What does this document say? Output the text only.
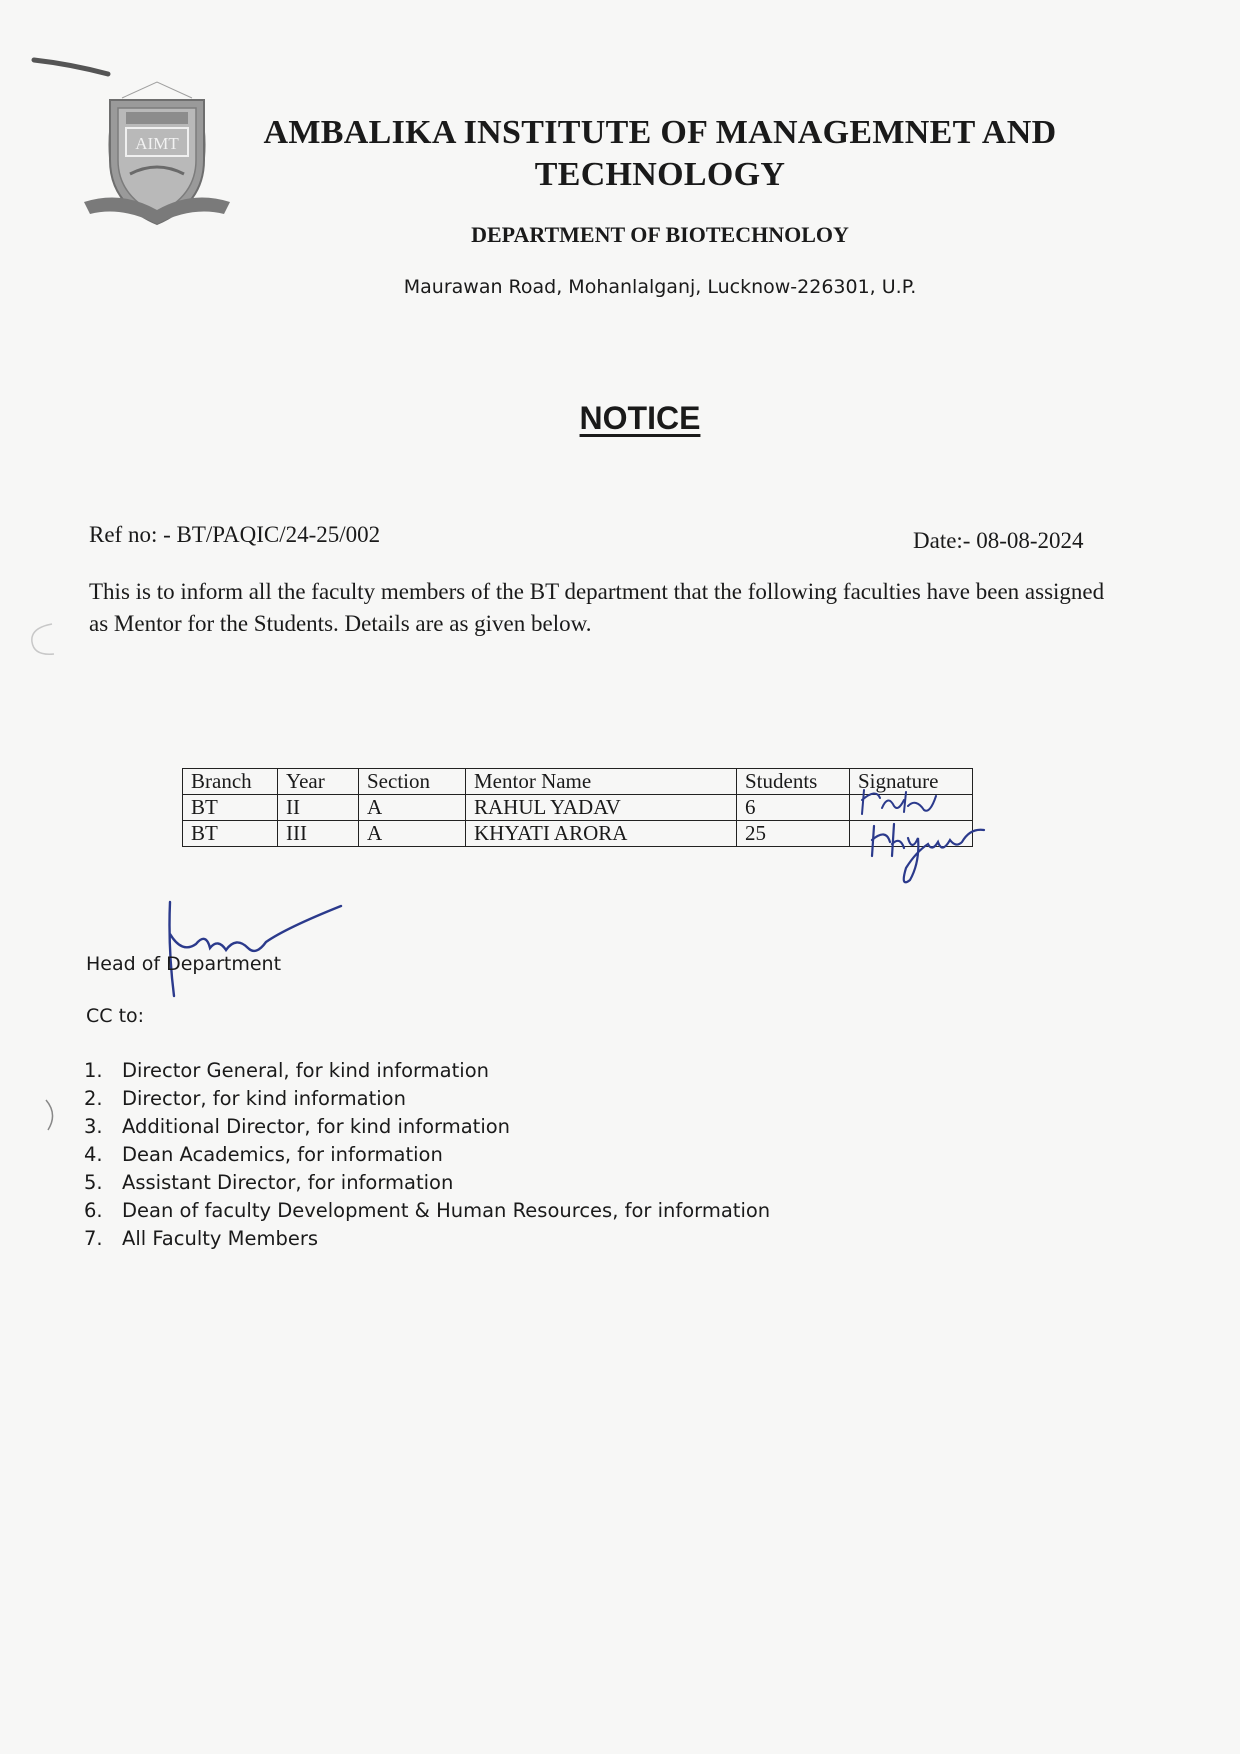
AIMT	AMBALIKA INSTITUTE OF MANAGEMNET AND TECHNOLOGY
DEPARTMENT OF BIOTECHNOLOY
Maurawan Road, Mohanlalganj, Lucknow-226301, U.P.
NOTICE
Ref no: - BT/PAQIC/24-25/002	Date:- 08-08-2024
This is to inform all the faculty members of the BT department that the following faculties have been assigned as Mentor for the Students. Details are as given below.
Branch	Year	Section	Mentor Name	Students	Signature
BT	II	A	RAHUL YADAV	6	
BT	III	A	KHYATI ARORA	25	
Head of Department
CC to:
1. Director General, for kind information
2. Director, for kind information
3. Additional Director, for kind information
4. Dean Academics, for information
5. Assistant Director, for information
6. Dean of faculty Development & Human Resources, for information
7. All Faculty Members
